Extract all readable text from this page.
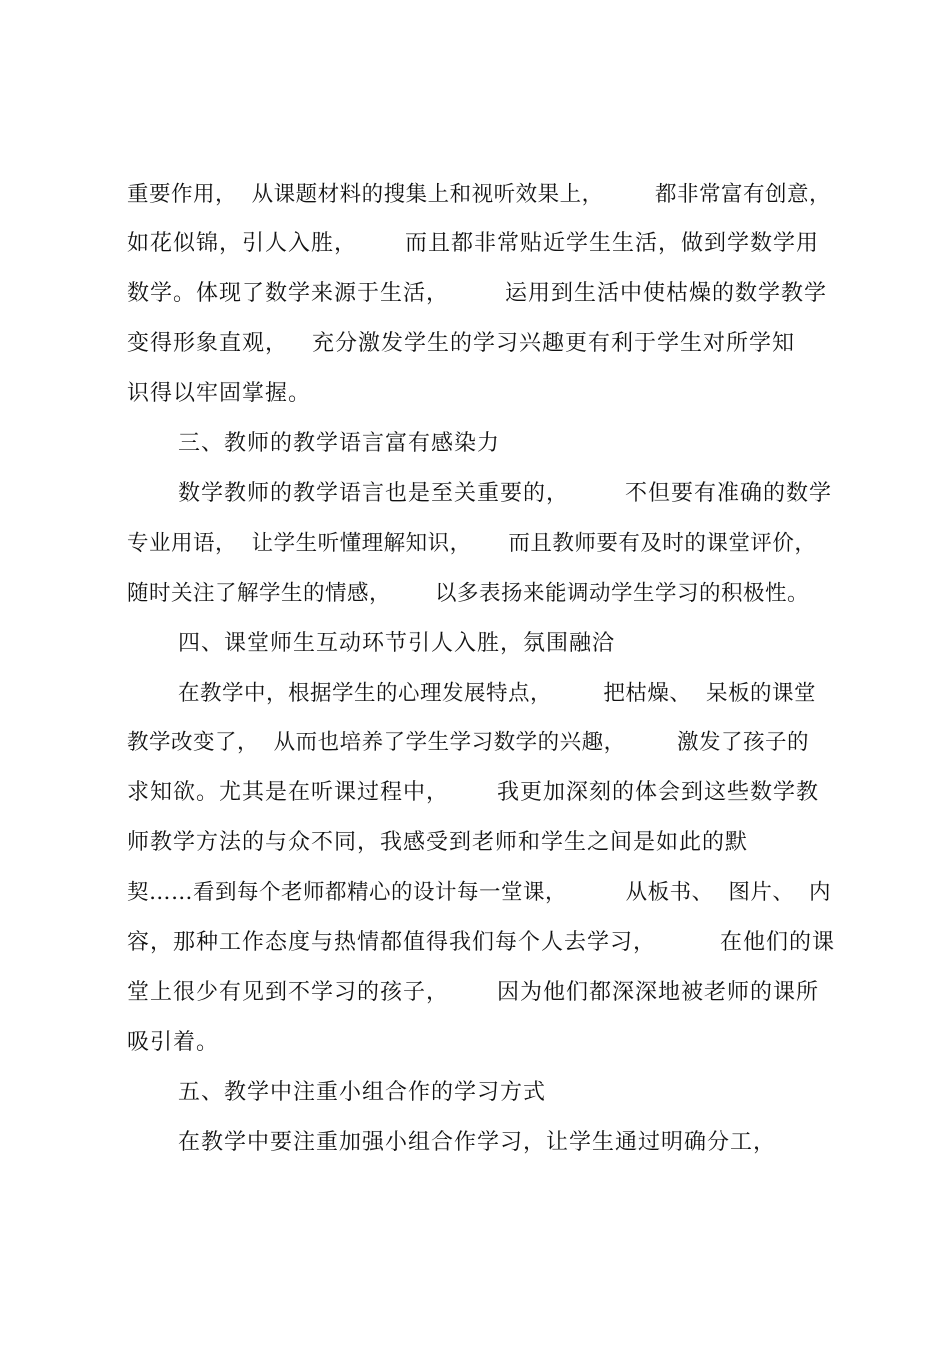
重要作用，  从课题材料的搜集上和视听效果上，       都非常富有创意，
如花似锦，引人入胜，      而且都非常贴近学生生活，做到学数学用
数学。体现了数学来源于生活，       运用到生活中使枯燥的数学教学
变得形象直观，   充分激发学生的学习兴趣更有利于学生对所学知
识得以牢固掌握。
三、教师的教学语言富有感染力
数学教师的教学语言也是至关重要的，       不但要有准确的数学
专业用语，  让学生听懂理解知识，     而且教师要有及时的课堂评价，
随时关注了解学生的情感，      以多表扬来能调动学生学习的积极性。
四、课堂师生互动环节引人入胜，氛围融洽
在教学中，根据学生的心理发展特点，       把枯燥、  呆板的课堂
教学改变了，  从而也培养了学生学习数学的兴趣，       激发了孩子的
求知欲。尤其是在听课过程中，      我更加深刻的体会到这些数学教
师教学方法的与众不同，我感受到老师和学生之间是如此的默
契……看到每个老师都精心的设计每一堂课，        从板书、  图片、  内
容，那种工作态度与热情都值得我们每个人去学习，        在他们的课
堂上很少有见到不学习的孩子，      因为他们都深深地被老师的课所
吸引着。
五、教学中注重小组合作的学习方式
在教学中要注重加强小组合作学习，让学生通过明确分工，
